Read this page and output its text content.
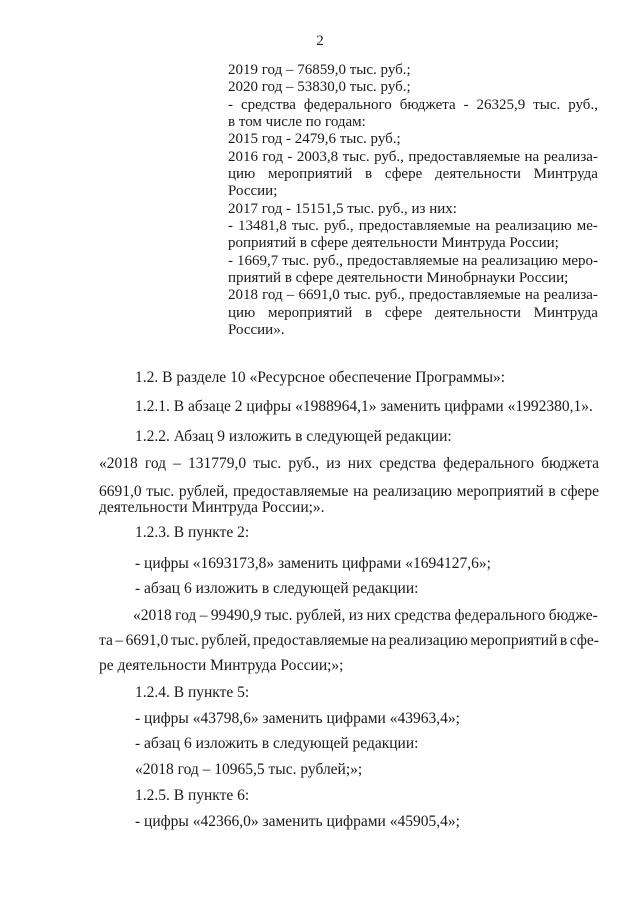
2
2019 год – 76859,0 тыс. руб.;
2020 год – 53830,0 тыс. руб.;
- средства федерального бюджета - 26325,9 тыс. руб.,
в том числе по годам:
2015 год - 2479,6 тыс. руб.;
2016 год - 2003,8 тыс. руб., предоставляемые на реализа-
цию мероприятий в сфере деятельности Минтруда
России;
2017 год - 15151,5 тыс. руб., из них:
- 13481,8 тыс. руб., предоставляемые на реализацию ме-
роприятий в сфере деятельности Минтруда России;
- 1669,7 тыс. руб., предоставляемые на реализацию меро-
приятий в сфере деятельности Минобрнауки России;
2018 год – 6691,0 тыс. руб., предоставляемые на реализа-
цию мероприятий в сфере деятельности Минтруда
России».
1.2. В разделе 10 «Ресурсное обеспечение Программы»:
1.2.1. В абзаце 2 цифры «1988964,1» заменить цифрами «1992380,1».
1.2.2. Абзац 9 изложить в следующей редакции:
«2018 год – 131779,0 тыс. руб., из них средства федерального бюджета
6691,0 тыс. рублей, предоставляемые на реализацию мероприятий в сфере
деятельности Минтруда России;».
1.2.3. В пункте 2:
- цифры «1693173,8» заменить цифрами «1694127,6»;
- абзац 6 изложить в следующей редакции:
«2018 год – 99490,9 тыс. рублей, из них средства федерального бюдже-
та – 6691,0 тыс. рублей, предоставляемые на реализацию мероприятий в сфе-
ре деятельности Минтруда России;»;
1.2.4. В пункте 5:
- цифры «43798,6» заменить цифрами «43963,4»;
- абзац 6 изложить в следующей редакции:
«2018 год – 10965,5 тыс. рублей;»;
1.2.5. В пункте 6:
- цифры «42366,0» заменить цифрами «45905,4»;
